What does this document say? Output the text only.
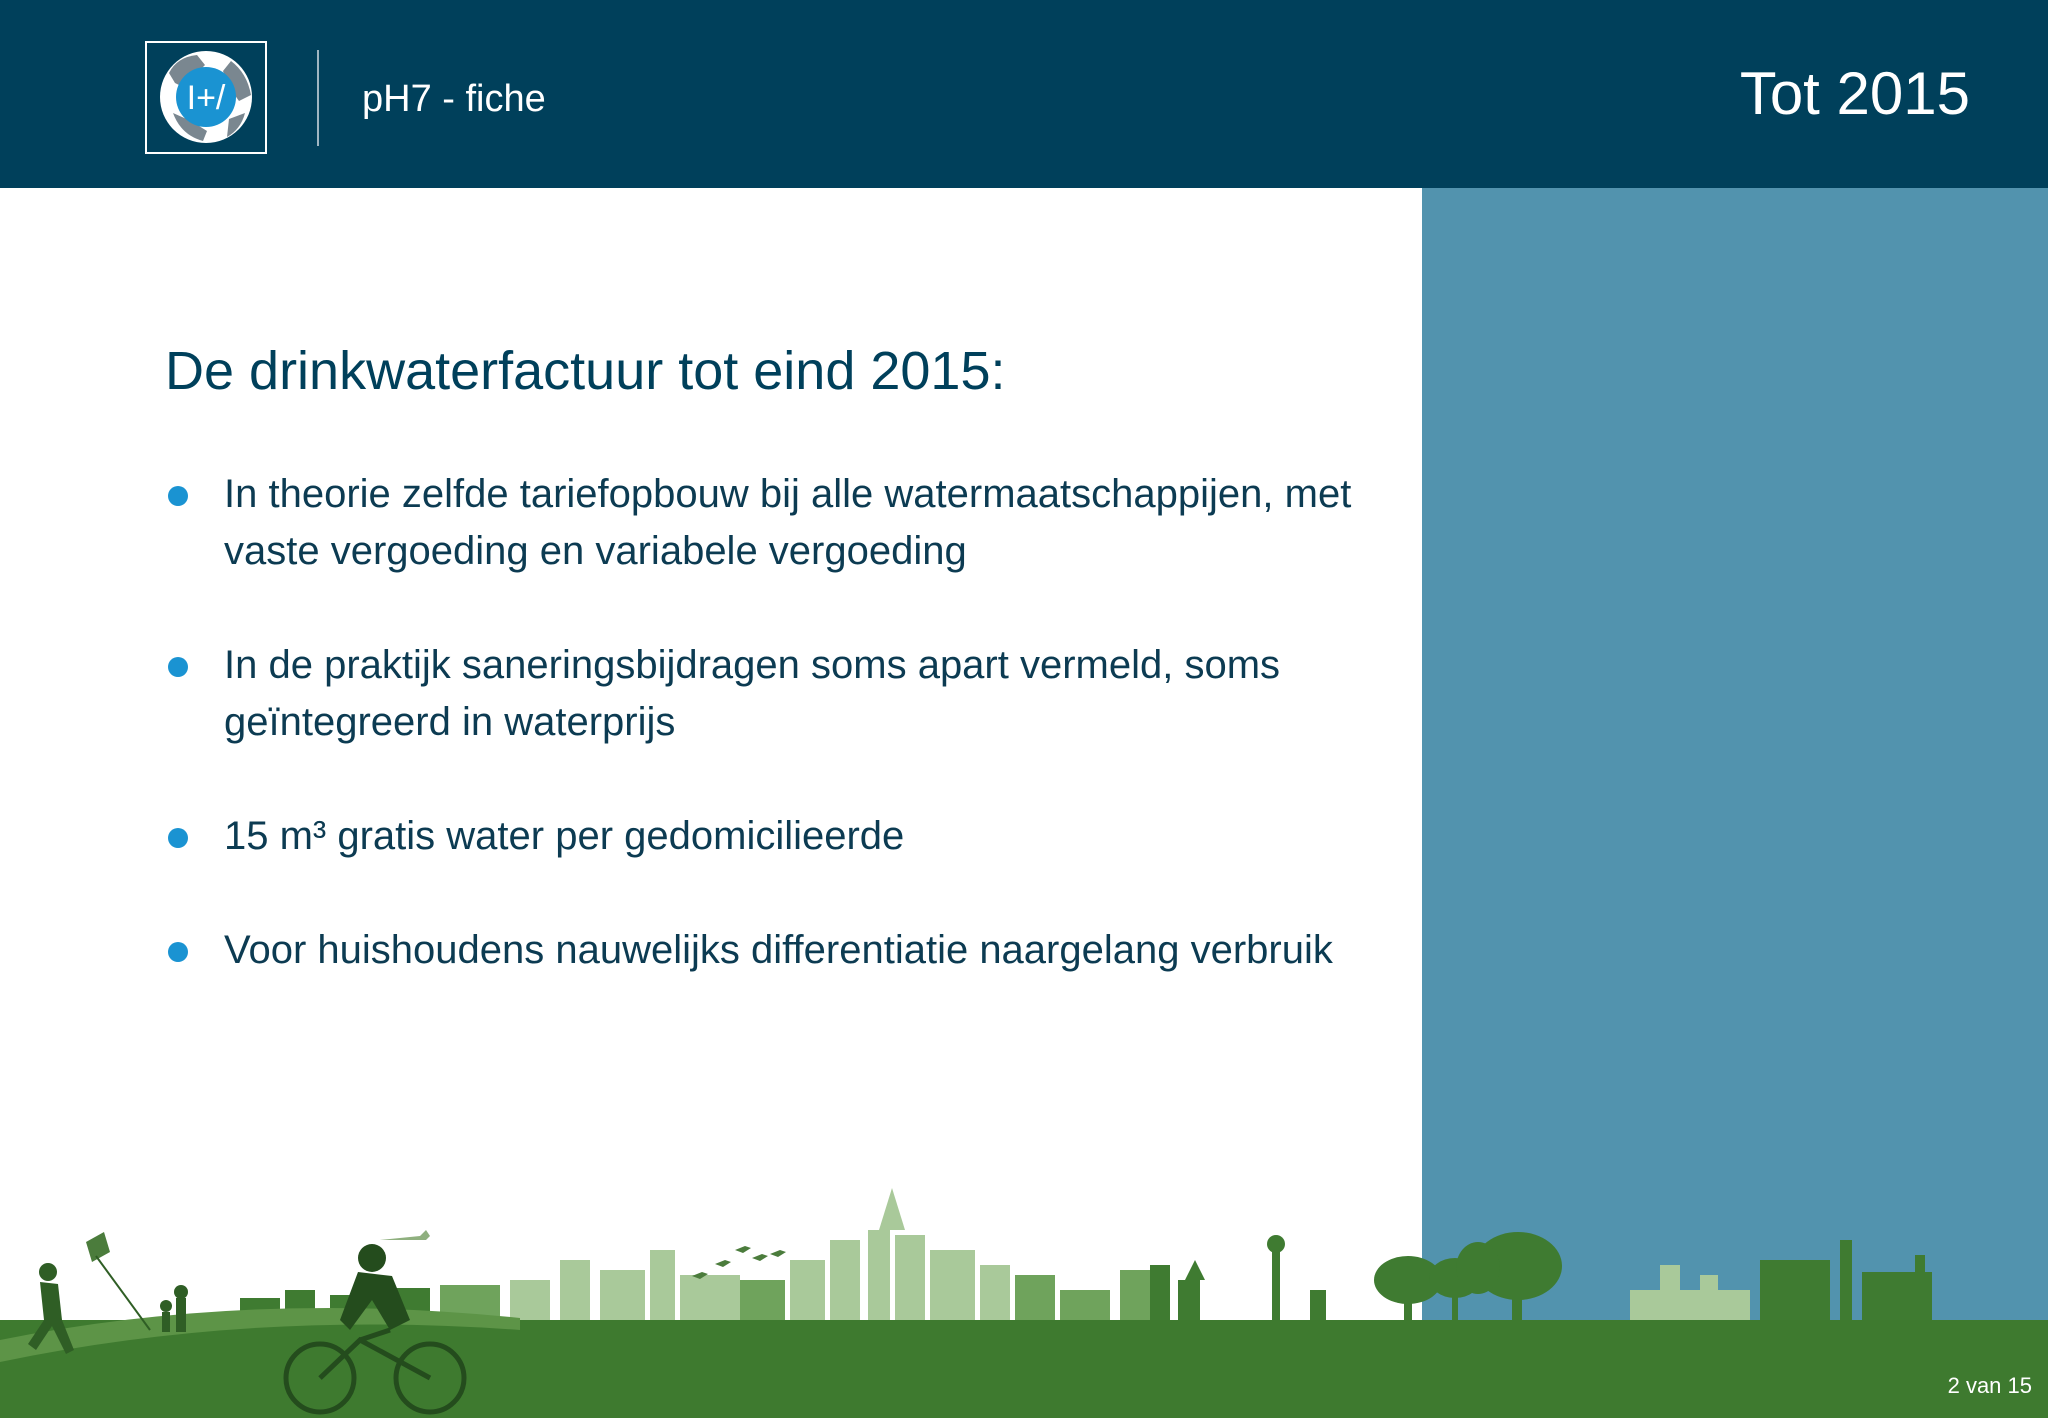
I+/	pH7 - fiche	Tot 2015
De drinkwaterfactuur tot eind 2015:
In theorie zelfde tariefopbouw bij alle watermaatschappijen, met vaste vergoeding en variabele vergoeding
In de praktijk saneringsbijdragen soms apart vermeld, soms geïntegreerd in waterprijs
15 m³ gratis water per gedomicilieerde
Voor huishoudens nauwelijks differentiatie naargelang verbruik
2 van 15
